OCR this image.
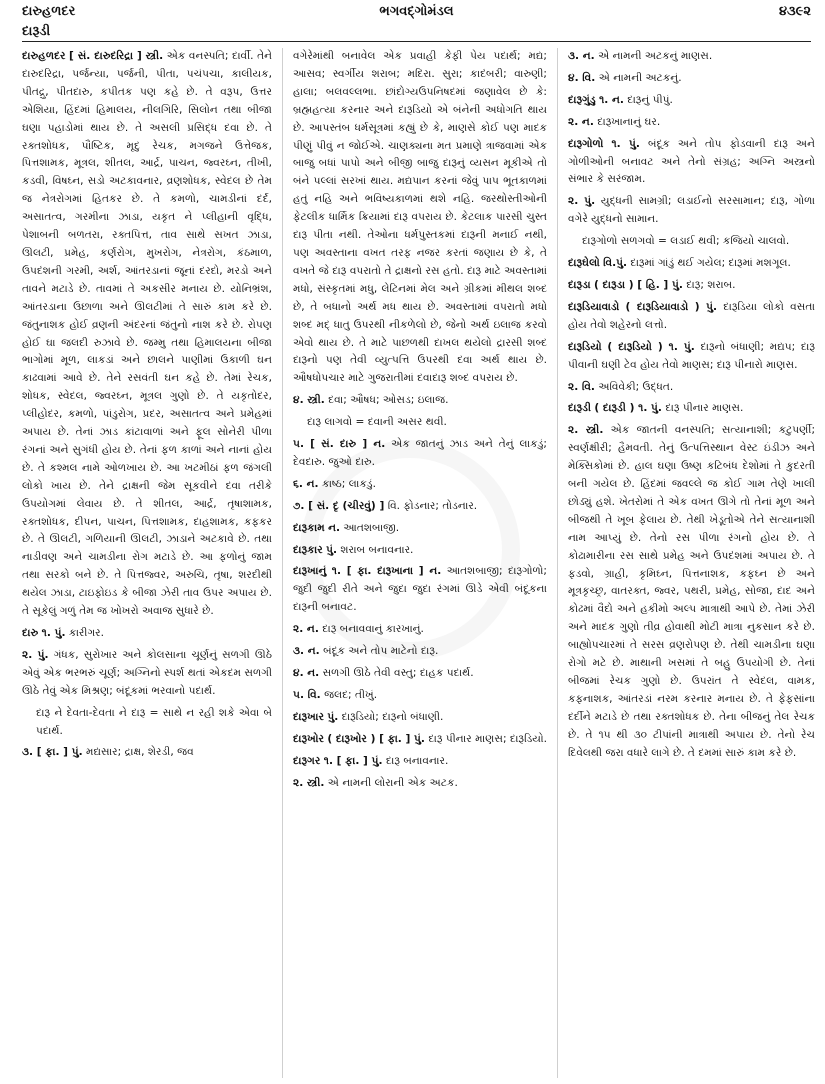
દારુહળદર	ભગવદ્ગોમંડલ	૪૩૯૨
દારૂડી
દારુહળદર [ સં. દારુદરિદ્રા ] સ્ત્રી. એક વનસ્પતિ; દાર્વી. તેને દારુદરિદ્રા, પર્જન્યા, પર્જની, પીતા, પચંપચા, કાલીયક, પીતદ્રુ, પીતદારુ, કપીતક પણ કહે છે. તે વરૂપ, ઉત્તર એશિયા, હિંદમાં હિમાલય, નીલગિરિ, સિલોન તથા બીજા ઘણા પહાડોમાં થાય છે. તે અસલી પ્રસિદ્ધ દવા છે. તે રક્તશોધક, પૌષ્ટિક, મૃદુ રેચક, મગજને ઉત્તેજક, પિત્તશામક, મૂત્રલ, શીતલ, આર્દ્ર, પાચન, જ્વરઘ્ન, તીખી, કડવી, વિષઘ્ન, સડો અટકાવનાર, વ્રણશોધક, સ્વેદલ છે તેમ જ નેત્રરોગમાં હિતકર છે. તે કમળો, ચામડીનાં દર્દ, અસાતત્વ, ગરમીના ઝાડા, યકૃત ને પ્લીહાની વૃદ્ધિ, પેશાબની બળતરા, રક્તપિત્ત, તાવ સાથે સખત ઝાડા, ઊલટી, પ્રમેહ, કર્ણરોગ, મુખરોગ, નેત્રરોગ, કંઠમાળ, ઉપદંશની ગરમી, અર્શ, આંતરડાનાં જૂનાં દરદો, મરડો અને તાવને મટાડે છે. તાવમાં તે અકસીર મનાય છે. યોનિભ્રંશ, આંતરડાના ઉછાળા અને ઊલટીમાં તે સારું કામ કરે છે. જંતુનાશક હોઈ વ્રણની અંદરનાં જંતુનો નાશ કરે છે. રોપણ હોઈ ઘા જલદી રુઝાવે છે. જમ્મુ તથા હિમાલયના બીજા ભાગોમાં મૂળ, લાકડાં અને છાલને પાણીમાં ઉકાળી ઘન કાઢવામાં આવે છે. તેને રસવંતી ઘન કહે છે. તેમાં રેચક, શોધક, સ્વેદલ, જ્વરઘ્ન, મૂત્રલ ગુણો છે. તે યકૃતોદર, પ્લીહોદર, કમળો, પાંડુરોગ, પ્રદર, અસાતત્વ અને પ્રમેહમાં અપાય છે. તેનાં ઝાડ કાંટાવાળાં અને ફૂલ સોનેરી પીળા રંગનાં અને સુગંધી હોય છે. તેનાં ફળ કાળાં અને નાનાં હોય છે. તે કશ્મલ નામે ઓળખાય છે. આ ખટમીઠાં ફળ જંગલી લોકો ખાય છે. તેને દ્રાક્ષની જેમ સૂકવીને દવા તરીકે ઉપયોગમાં લેવાય છે. તે શીતલ, આર્દ્ર, તૃષાશામક, રક્તશોધક, દીપન, પાચન, પિત્તશામક, દાહશામક, કફકર છે. તે ઊલટી, ગળિયાની ઊલટી, ઝાડાને અટકાવે છે. તથા નાડીવણ અને ચામડીના રોગ મટાડે છે. આ ફળોનું જામ તથા સરકો બને છે. તે પિત્તજ્વર, અરુચિ, તૃષા, શરદીથી થયેલ ઝાડા, ટાઇફોઇડ કે બીજા ઝેરી તાવ ઉપર અપાય છે. તે સૂકેલું ગળું તેમ જ ખોખરો અવાજ સુધારે છે.
દારુ ૧. પું. કારીગર.
૨. પું. ગંધક, સુરોખાર અને કોલસાના ચૂર્ણનું સળગી ઊઠે એવું એક ભરભરું ચૂર્ણ; અગ્નિનો સ્પર્શ થતાં એકદમ સળગી ઊઠે તેવું એક મિશ્રણ; બંદૂકમાં ભરવાનો પદાર્થ.
દારૂ ને દેવતા-દેવતા ને દારૂ = સાથે ન રહી શકે એવા બે પદાર્થ.
૩. [ ફા. ] પું. મદ્યસાર; દ્રાક્ષ, શેરડી, જવ
વગેરેમાંથી બનાવેલ એક પ્રવાહી કેફી પેય પદાર્થ; મદ્ય; આસવ; સ્વર્ગીય શરાબ; મદિરા. સુરા; કાદંબરી; વારુણી; હાલા; બલવલ્લભા. છાંદોગ્યઉપનિષદમાં જણાવેલ છે કે: બ્રહ્મહત્યા કરનાર અને દારૂડિયો એ બંનેની અધોગતિ થાય છે. આપસ્તંબ ધર્મસૂત્રમાં કહ્યું છે કે, માણસે કોઈ પણ માદક પીણું પીવું ન જોઈએ. ચાણક્યના મત પ્રમાણે ત્રાજવામાં એક બાજુ બધાં પાપો અને બીજી બાજુ દારૂનું વ્યસન મૂકીએ તો બંને પલ્લાં સરખાં થાય. મદ્યપાન કરનાં જેવું પાપ ભૂતકાળમાં હતું નહિ અને ભવિષ્યકાળમાં થશે નહિ. જરથોસ્તીઓની ફેટલીક ધાર્મિક ક્રિયામાં દારૂ વપરાય છે. કેટલાક પારસી ચુસ્ત દારૂ પીતા નથી. તેઓના ધર્મપુસ્તકમાં દારૂની મનાઈ નથી, પણ અવસ્તાના વખત તરફ નજર કરતાં જણાય છે કે, તે વખતે જે દારૂ વપરાતો તે દ્રાક્ષનો રસ હતો. દારૂ માટે અવસ્તામાં મધો, સંસ્કૃતમાં મધુ, લેટિનમાં મેલ અને ગ્રીકમાં મીથલ શબ્દ છે, તે બધાનો અર્થ મધ થાય છે. અવસ્તામાં વપરાતો મધો શબ્દ મદ્ ધાતુ ઉપરથી નીકળેલો છે, જેનો અર્થ ઇલાજ કરવો એવો થાય છે. તે માટે પાછળથી દાખલ થયેલો દ્રારસી શબ્દ દારૂનો પણ તેવી વ્યુત્પત્તિ ઉપરથી દવા અર્થ થાય છે. ઔષધોપચાર માટે ગુજરાતીમાં દવાદારૂ શબ્દ વપરાય છે.
૪. સ્ત્રી. દવા; ઔષધ; ઓસડ; ઇલાજ.
દારૂ લાગવો = દવાની અસર થવી.
૫. [ સં. દારુ ] ન. એક જાતનું ઝાડ અને તેનું લાકડું; દેવદારુ. જુઓ દારુ.
૬. ન. કાષ્ઠ; લાકડું.
૭. [ સં. દૃ (ચીરવું) ] વિ. ફોડનાર; તોડનાર.
દારૂકામ ન. આતશબાજી.
દારૂકાર પું. શરાબ બનાવનાર.
દારૂખાનું ૧. [ ફા. દારૂખાના ] ન. આતશબાજી; દારૂગોળો; જુદી જુદી રીતે અને જુદા જુદા રંગમાં ઊડે એવી બંદૂકના દારૂની બનાવટ.
૨. ન. દારૂ બનાવવાનું કારખાનું.
૩. ન. બંદૂક અને તોપ માટેનો દારૂ.
૪. ન. સળગી ઊઠે તેવી વસ્તુ; દાહક પદાર્થ.
૫. વિ. જલદ; તીખું.
દારૂખાર પું. દારૂડિયો; દારૂનો બંધાણી.
દારૂખોર ( દારૂખોર ) [ ફા. ] પું. દારૂ પીનાર માણસ; દારૂડિયો.
દારૂગર ૧. [ ફા. ] પું. દારૂ બનાવનાર.
૨. સ્ત્રી. એ નામની લોરાની એક અટક.
૩. ન. એ નામની અટકનું માણસ.
૪. વિ. એ નામની અટકનું.
દારૂગુંડુ ૧. ન. દારૂનું પીપું.
૨. ન. દારૂખાનાનું ઘર.
દારૂગોળો ૧. પું. બંદૂક અને તોપ ફોડવાની દારૂ અને ગોળીઓની બનાવટ અને તેનો સંગ્રહ; અગ્નિ અસ્ત્રનો સંભાર કે સરંજામ.
૨. પું. યુદ્ધની સામગ્રી; લડાઈનો સરસામાન; દારૂ, ગોળા વગેરે યુદ્ધનો સામાન.
દારૂગોળો સળગવો = લડાઈ થવી; કજિયો ચાલવો.
દારૂઘેલો વિ.પું. દારૂમાં ગાંડું થઈ ગયેલ; દારૂમાં મશગૂલ.
દારૂડા ( દારૂડા ) [ હિ. ] પું. દારૂ; શરાબ.
દારૂડિયાવાડો ( દારૂડિયાવાડો ) પું. દારૂડિયા લોકો વસતા હોય તેવો શહેરનો લત્તો.
દારૂડિયો ( દારૂડિયો ) ૧. પું. દારૂનો બંધાણી; મદ્યપ; દારૂ પીવાની ઘણી ટેવ હોય તેવો માણસ; દારૂ પીનારો માણસ.
૨. વિ. અવિવેકી; ઉદ્ધત.
દારૂડી ( દારૂડી ) ૧. પું. દારૂ પીનાર માણસ.
૨. સ્ત્રી. એક જાતની વનસ્પતિ; સત્યાનાશી; કટુપર્ણી; સ્વર્ણક્ષીરી; હૈમવતી. તેનું ઉત્પત્તિસ્થાન વેસ્ટ ઇંડીઝ અને મેક્સિકોમાં છે. હાલ ઘણા ઉષ્ણ કટિબંધ દેશોમાં તે કુદરતી બની ગયેલ છે. હિંદમાં જવલ્લે જ કોઈ ગામ તેણે ખાલી છોડ્યું હશે. ખેતરોમાં તે એક વખત ઊગે તો તેનાં મૂળ અને બીજથી તે ખૂબ ફેલાય છે. તેથી ખેડૂતોએ તેને સત્યાનાશી નામ આપ્યું છે. તેનો રસ પીળા રંગનો હોય છે. તે કોઢામારીના રસ સાથે પ્રમેહ અને ઉપદંશમાં અપાય છે. તે ફડવો, ગ્રાહી, કૃમિઘ્ન, પિત્તનાશક, કફઘ્ન છે અને મૂત્રકૃચ્છ્ર, વાતરક્ત, જ્વર, પથરી, પ્રમેહ, સોજા, દાદ અને કોઢમાં વૈદો અને હકીમો અલ્પ માત્રાથી આપે છે. તેમાં ઝેરી અને માદક ગુણો તીવ્ર હોવાથી મોટી માત્રા નુકસાન કરે છે. બાહ્યોપચારમાં તે સરસ વ્રણરોપણ છે. તેથી ચામડીના ઘણા રોગો મટે છે. માથાની ખસમાં તે બહુ ઉપયોગી છે. તેનાં બીજમાં રેચક ગુણો છે. ઉપરાંત તે સ્વેદલ, વામક, કફનાશક, આંતરડાં નરમ કરનાર મનાય છે. તે ફેફસાંના દર્દીને મટાડે છે તથા રક્તશોધક છે. તેના બીજનું તેલ રેચક છે. તે ૧૫ થી ૩૦ ટીપાંની માત્રાથી અપાય છે. તેનો રેચ દિવેલથી જરા વધારે લાગે છે. તે દમમાં સારું કામ કરે છે.
